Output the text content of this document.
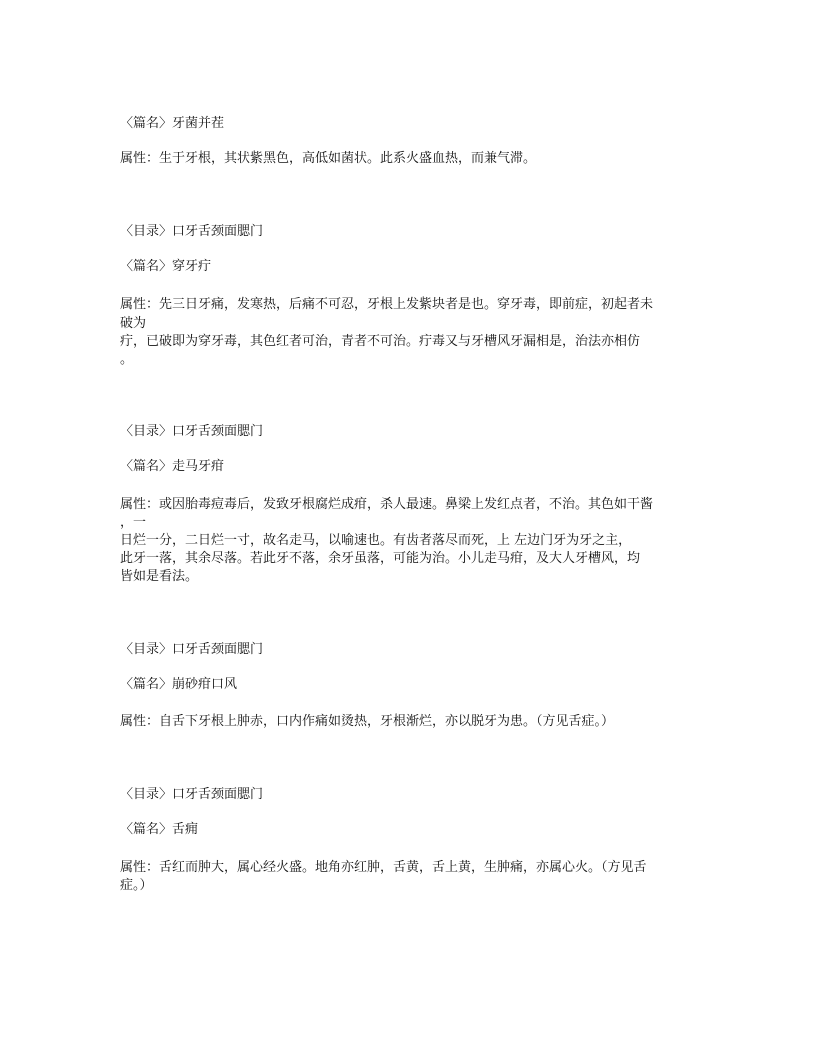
〈篇名〉牙菌并茬
属性：生于牙根，其状紫黑色，高低如菌状。此系火盛血热，而兼气滞。
〈目录〉口牙舌颈面腮门
〈篇名〉穿牙疔
属性：先三日牙痛，发寒热，后痛不可忍，牙根上发紫块者是也。穿牙毒，即前症，初起者未
破为
疔，已破即为穿牙毒，其色红者可治，青者不可治。疔毒又与牙槽风牙漏相是，治法亦相仿
。
〈目录〉口牙舌颈面腮门
〈篇名〉走马牙疳
属性：或因胎毒痘毒后，发致牙根腐烂成疳，杀人最速。鼻梁上发红点者，不治。其色如干酱
，一
日烂一分，二日烂一寸，故名走马，以喻速也。有齿者落尽而死，上 左边门牙为牙之主，
此牙一落，其余尽落。若此牙不落，余牙虽落，可能为治。小儿走马疳，及大人牙槽风，均
皆如是看法。
〈目录〉口牙舌颈面腮门
〈篇名〉崩砂疳口风
属性：自舌下牙根上肿赤，口内作痛如烫热，牙根渐烂，亦以脱牙为患。（方见舌症。）
〈目录〉口牙舌颈面腮门
〈篇名〉舌痈
属性：舌红而肿大，属心经火盛。地角亦红肿，舌黄，舌上黄，生肿痛，亦属心火。（方见舌
症。）
